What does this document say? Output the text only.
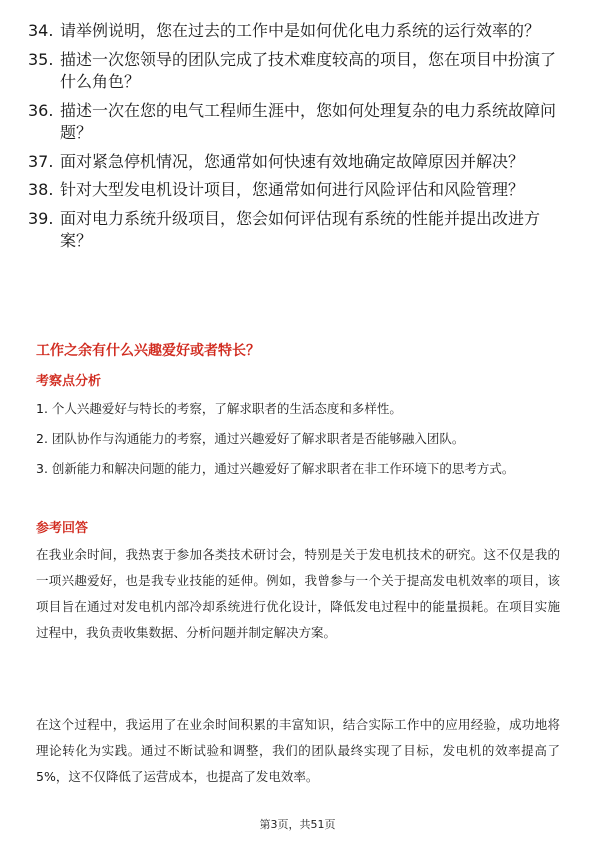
34. 请举例说明，您在过去的工作中是如何优化电力系统的运行效率的？
35. 描述一次您领导的团队完成了技术难度较高的项目，您在项目中扮演了什么角色？
36. 描述一次在您的电气工程师生涯中，您如何处理复杂的电力系统故障问题？
37. 面对紧急停机情况，您通常如何快速有效地确定故障原因并解决？
38. 针对大型发电机设计项目，您通常如何进行风险评估和风险管理？
39. 面对电力系统升级项目，您会如何评估现有系统的性能并提出改进方案？
工作之余有什么兴趣爱好或者特长？
考察点分析
1. 个人兴趣爱好与特长的考察，了解求职者的生活态度和多样性。
2. 团队协作与沟通能力的考察，通过兴趣爱好了解求职者是否能够融入团队。
3. 创新能力和解决问题的能力，通过兴趣爱好了解求职者在非工作环境下的思考方式。
参考回答

在我业余时间，我热衷于参加各类技术研讨会，特别是关于发电机技术的研究。这不仅是我的一项兴趣爱好，也是我专业技能的延伸。例如，我曾参与一个关于提高发电机效率的项目，该项目旨在通过对发电机内部冷却系统进行优化设计，降低发电过程中的能量损耗。在项目实施过程中，我负责收集数据、分析问题并制定解决方案。

在这个过程中，我运用了在业余时间积累的丰富知识，结合实际工作中的应用经验，成功地将理论转化为实践。通过不断试验和调整，我们的团队最终实现了目标，发电机的效率提高了5%，这不仅降低了运营成本，也提高了发电效率。

第3页，共51页
